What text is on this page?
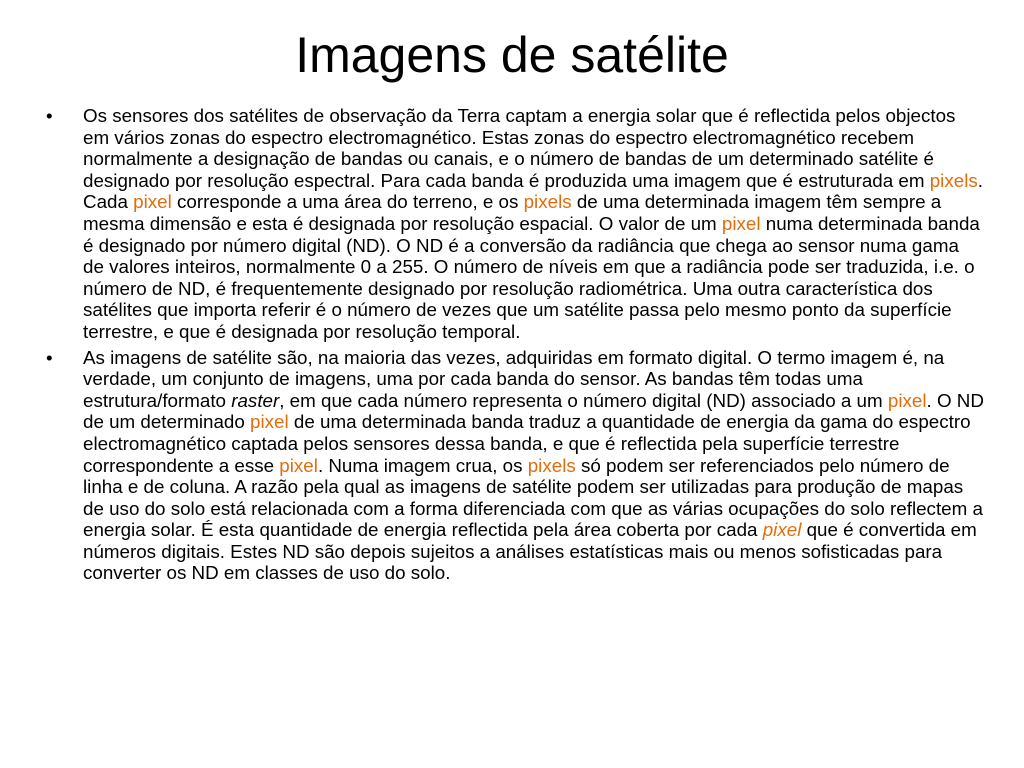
Imagens de satélite
• Os sensores dos satélites de observação da Terra captam a energia solar que é reflectida pelos objectos em vários zonas do espectro electromagnético. Estas zonas do espectro electromagnético recebem normalmente a designação de bandas ou canais, e o número de bandas de um determinado satélite é designado por resolução espectral. Para cada banda é produzida uma imagem que é estruturada em pixels. Cada pixel corresponde a uma área do terreno, e os pixels de uma determinada imagem têm sempre a mesma dimensão e esta é designada por resolução espacial. O valor de um pixel numa determinada banda é designado por número digital (ND). O ND é a conversão da radiância que chega ao sensor numa gama de valores inteiros, normalmente 0 a 255. O número de níveis em que a radiância pode ser traduzida, i.e. o número de ND, é frequentemente designado por resolução radiométrica. Uma outra característica dos satélites que importa referir é o número de vezes que um satélite passa pelo mesmo ponto da superfície terrestre, e que é designada por resolução temporal.
• As imagens de satélite são, na maioria das vezes, adquiridas em formato digital. O termo imagem é, na verdade, um conjunto de imagens, uma por cada banda do sensor. As bandas têm todas uma estrutura/formato raster, em que cada número representa o número digital (ND) associado a um pixel. O ND de um determinado pixel de uma determinada banda traduz a quantidade de energia da gama do espectro electromagnético captada pelos sensores dessa banda, e que é reflectida pela superfície terrestre correspondente a esse pixel. Numa imagem crua, os pixels só podem ser referenciados pelo número de linha e de coluna. A razão pela qual as imagens de satélite podem ser utilizadas para produção de mapas de uso do solo está relacionada com a forma diferenciada com que as várias ocupações do solo reflectem a energia solar. É esta quantidade de energia reflectida pela área coberta por cada pixel que é convertida em números digitais. Estes ND são depois sujeitos a análises estatísticas mais ou menos sofisticadas para converter os ND em classes de uso do solo.
